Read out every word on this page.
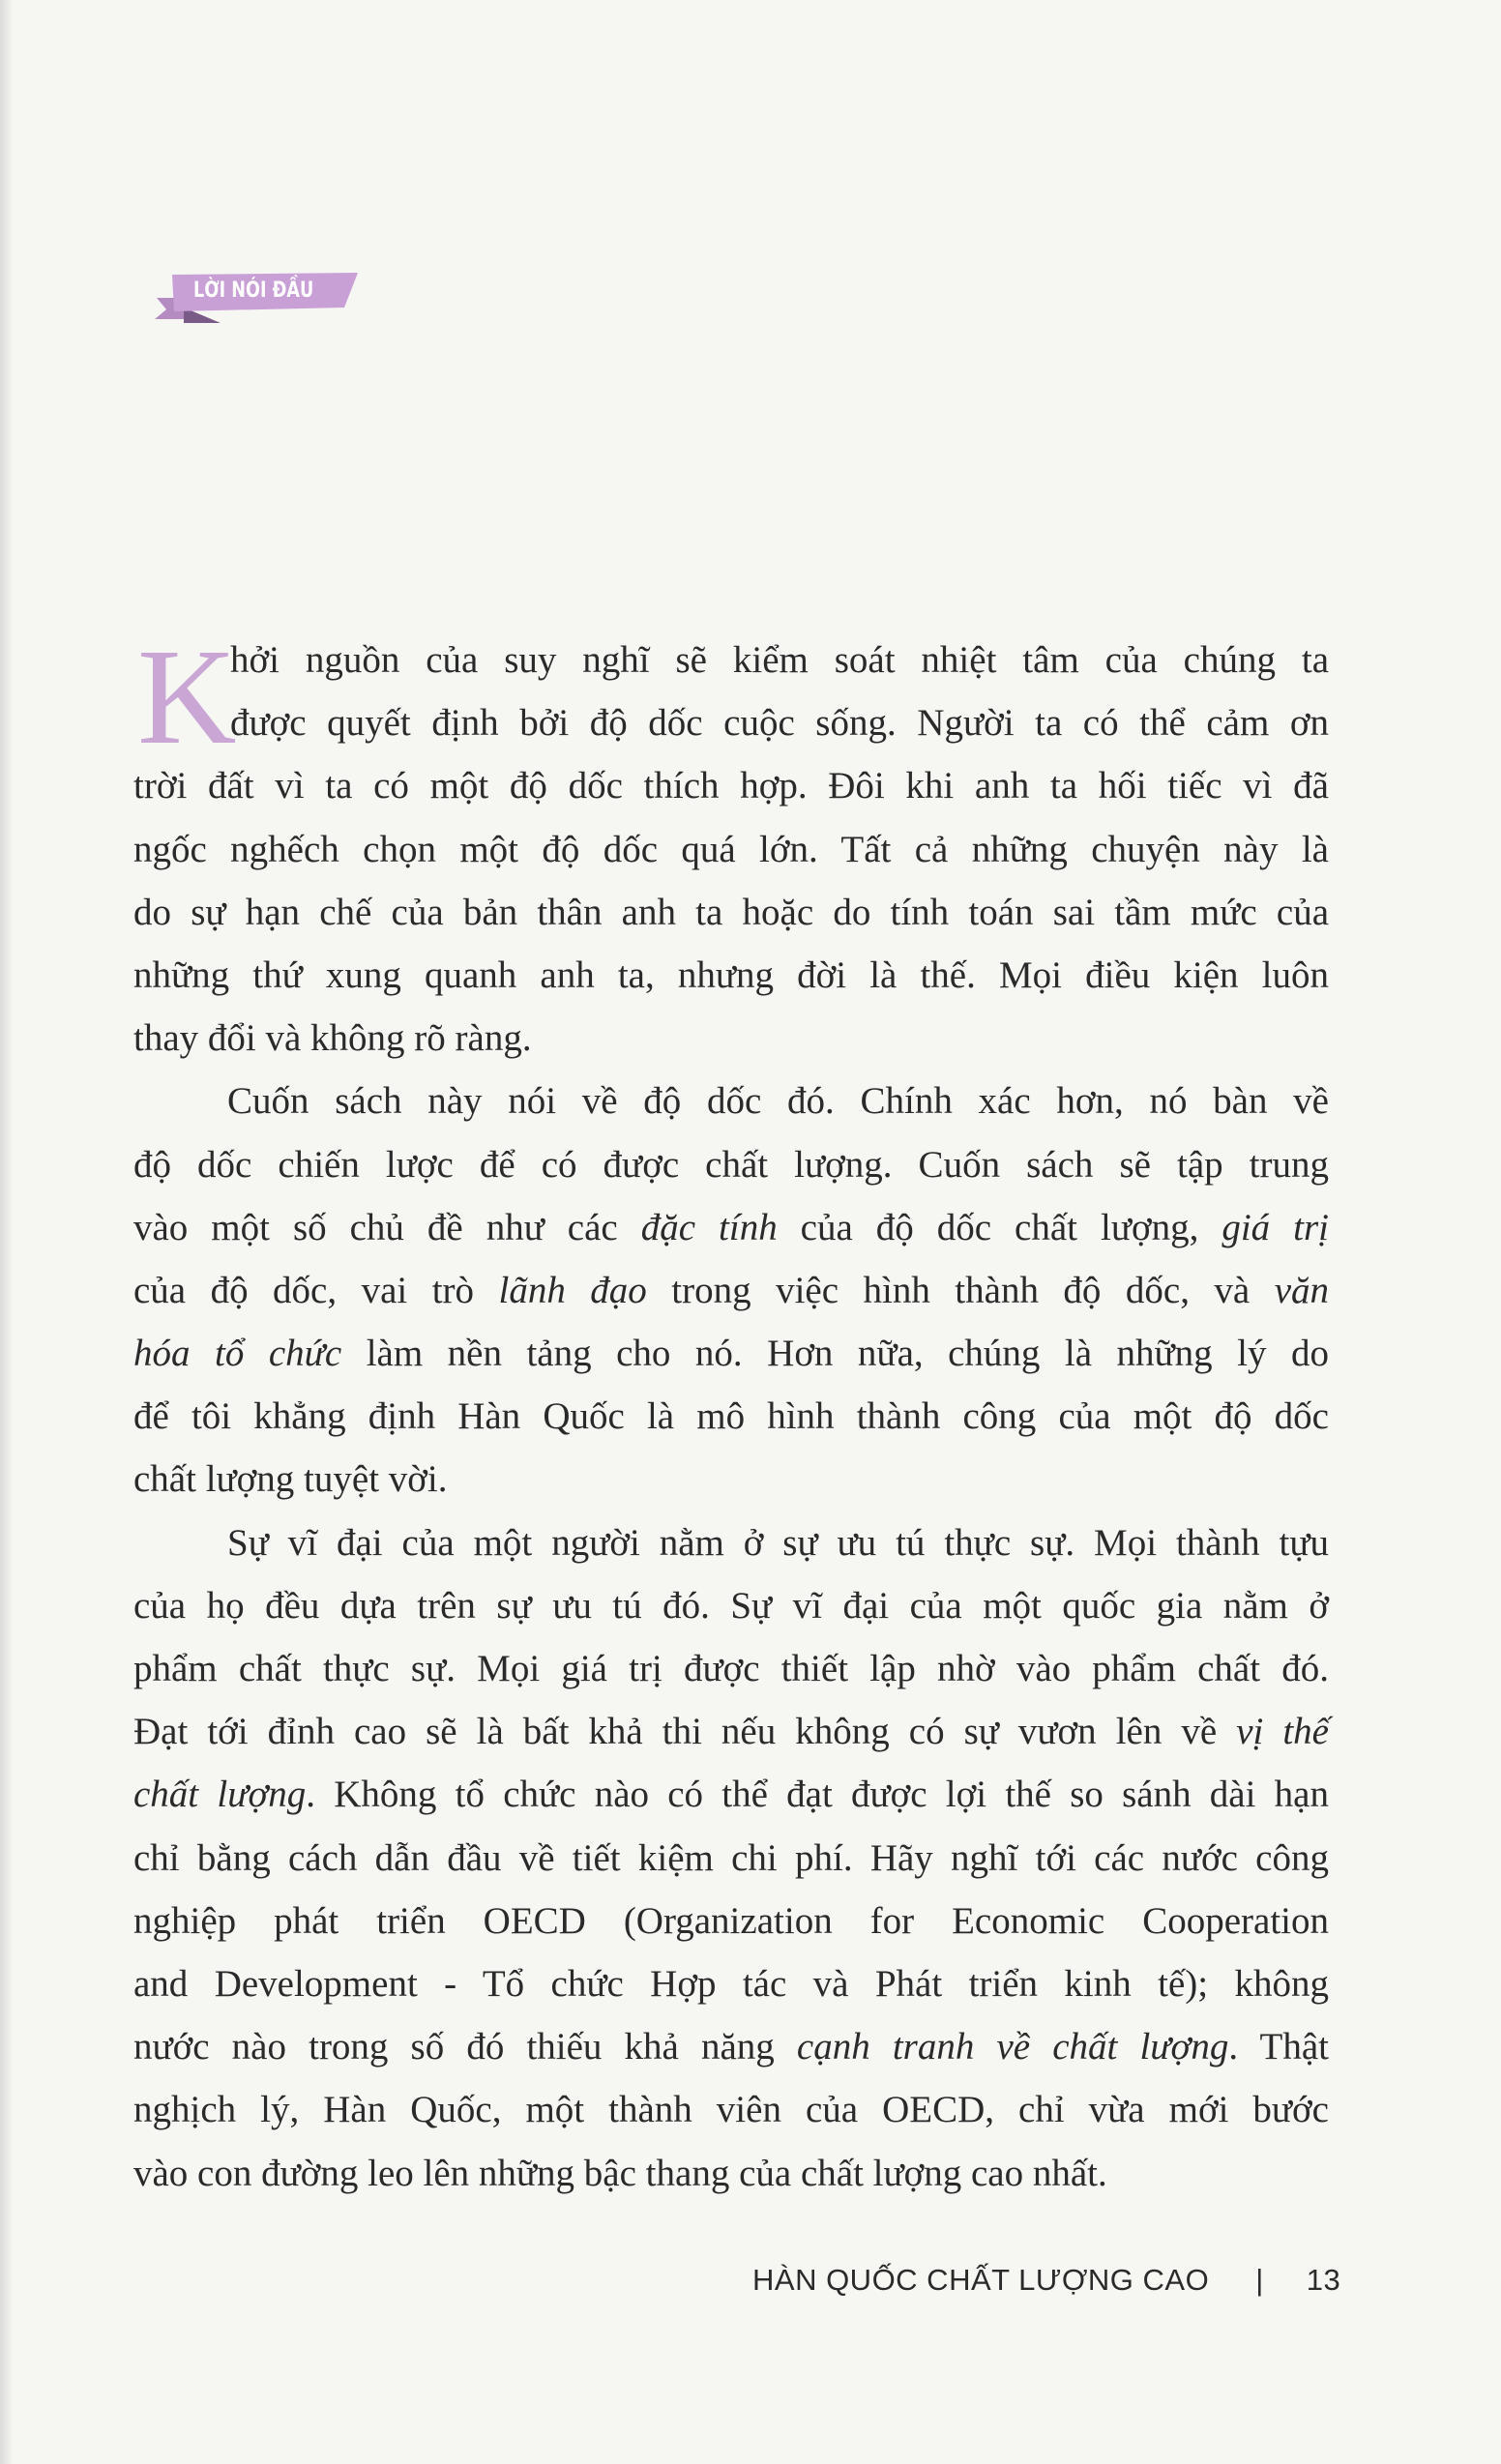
LỜI NÓI ĐẦU
K
hởi nguồn của suy nghĩ sẽ kiểm soát nhiệt tâm của chúng ta
được quyết định bởi độ dốc cuộc sống. Người ta có thể cảm ơn
trời đất vì ta có một độ dốc thích hợp. Đôi khi anh ta hối tiếc vì đã
ngốc nghếch chọn một độ dốc quá lớn. Tất cả những chuyện này là
do sự hạn chế của bản thân anh ta hoặc do tính toán sai tầm mức của
những thứ xung quanh anh ta, nhưng đời là thế. Mọi điều kiện luôn
thay đổi và không rõ ràng.
Cuốn sách này nói về độ dốc đó. Chính xác hơn, nó bàn về
độ dốc chiến lược để có được chất lượng. Cuốn sách sẽ tập trung
vào một số chủ đề như các đặc tính của độ dốc chất lượng, giá trị
của độ dốc, vai trò lãnh đạo trong việc hình thành độ dốc, và văn
hóa tổ chức làm nền tảng cho nó. Hơn nữa, chúng là những lý do
để tôi khẳng định Hàn Quốc là mô hình thành công của một độ dốc
chất lượng tuyệt vời.
Sự vĩ đại của một người nằm ở sự ưu tú thực sự. Mọi thành tựu
của họ đều dựa trên sự ưu tú đó. Sự vĩ đại của một quốc gia nằm ở
phẩm chất thực sự. Mọi giá trị được thiết lập nhờ vào phẩm chất đó.
Đạt tới đỉnh cao sẽ là bất khả thi nếu không có sự vươn lên về vị thế
chất lượng. Không tổ chức nào có thể đạt được lợi thế so sánh dài hạn
chỉ bằng cách dẫn đầu về tiết kiệm chi phí. Hãy nghĩ tới các nước công
nghiệp phát triển OECD (Organization for Economic Cooperation
and Development - Tổ chức Hợp tác và Phát triển kinh tế); không
nước nào trong số đó thiếu khả năng cạnh tranh về chất lượng. Thật
nghịch lý, Hàn Quốc, một thành viên của OECD, chỉ vừa mới bước
vào con đường leo lên những bậc thang của chất lượng cao nhất.
HÀN QUỐC CHẤT LƯỢNG CAO | 13
